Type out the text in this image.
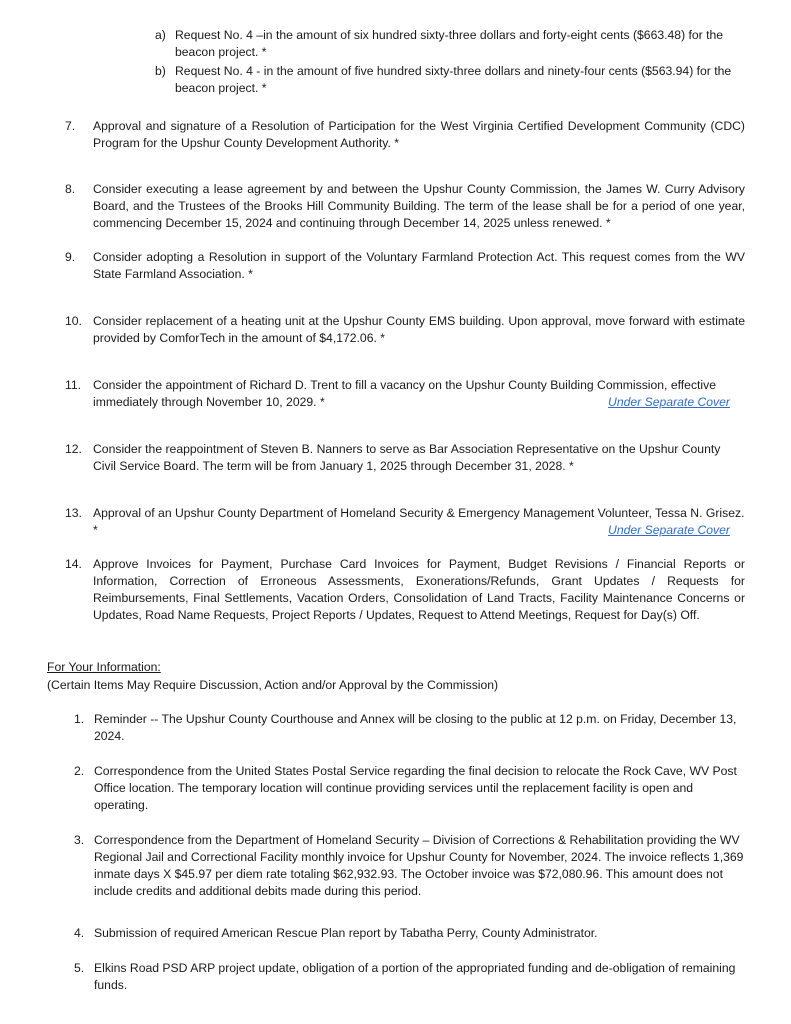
a) Request No. 4 –in the amount of six hundred sixty-three dollars and forty-eight cents ($663.48) for the beacon project. *
b) Request No. 4 - in the amount of five hundred sixty-three dollars and ninety-four cents ($563.94) for the beacon project. *
7. Approval and signature of a Resolution of Participation for the West Virginia Certified Development Community (CDC) Program for the Upshur County Development Authority. *
8. Consider executing a lease agreement by and between the Upshur County Commission, the James W. Curry Advisory Board, and the Trustees of the Brooks Hill Community Building. The term of the lease shall be for a period of one year, commencing December 15, 2024 and continuing through December 14, 2025 unless renewed. *
9. Consider adopting a Resolution in support of the Voluntary Farmland Protection Act. This request comes from the WV State Farmland Association. *
10. Consider replacement of a heating unit at the Upshur County EMS building. Upon approval, move forward with estimate provided by ComforTech in the amount of $4,172.06. *
11. Consider the appointment of Richard D. Trent to fill a vacancy on the Upshur County Building Commission, effective immediately through November 10, 2029. *	Under Separate Cover
12. Consider the reappointment of Steven B. Nanners to serve as Bar Association Representative on the Upshur County Civil Service Board. The term will be from January 1, 2025 through December 31, 2028. *
13. Approval of an Upshur County Department of Homeland Security & Emergency Management Volunteer, Tessa N. Grisez. *	Under Separate Cover
14. Approve Invoices for Payment, Purchase Card Invoices for Payment, Budget Revisions / Financial Reports or Information, Correction of Erroneous Assessments, Exonerations/Refunds, Grant Updates / Requests for Reimbursements, Final Settlements, Vacation Orders, Consolidation of Land Tracts, Facility Maintenance Concerns or Updates, Road Name Requests, Project Reports / Updates, Request to Attend Meetings, Request for Day(s) Off.
For Your Information:
(Certain Items May Require Discussion, Action and/or Approval by the Commission)
1. Reminder -- The Upshur County Courthouse and Annex will be closing to the public at 12 p.m. on Friday, December 13, 2024.
2. Correspondence from the United States Postal Service regarding the final decision to relocate the Rock Cave, WV Post Office location. The temporary location will continue providing services until the replacement facility is open and operating.
3. Correspondence from the Department of Homeland Security – Division of Corrections & Rehabilitation providing the WV Regional Jail and Correctional Facility monthly invoice for Upshur County for November, 2024. The invoice reflects 1,369 inmate days X $45.97 per diem rate totaling $62,932.93. The October invoice was $72,080.96. This amount does not include credits and additional debits made during this period.
4. Submission of required American Rescue Plan report by Tabatha Perry, County Administrator.
5. Elkins Road PSD ARP project update, obligation of a portion of the appropriated funding and de-obligation of remaining funds.
